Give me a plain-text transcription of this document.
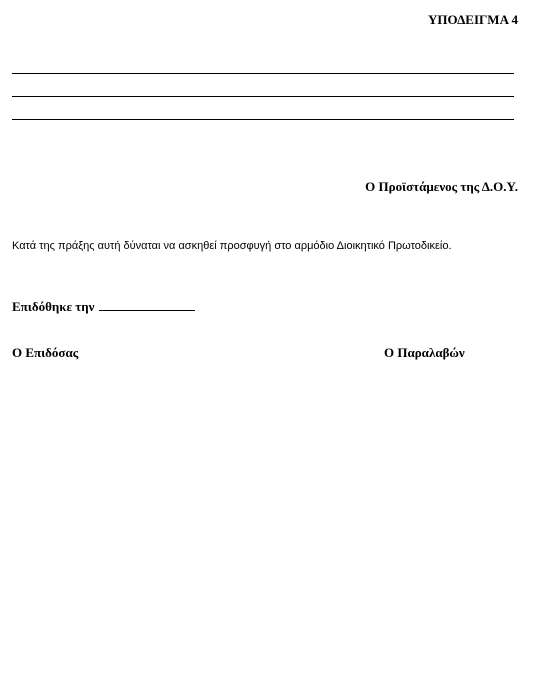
ΥΠΟΔΕΙΓΜΑ 4
Ο Προϊστάμενος της Δ.Ο.Υ.
Κατά της πράξης αυτή δύναται να ασκηθεί προσφυγή στο αρμόδιο Διοικητικό Πρωτοδικείο.
Επιδόθηκε την
Ο Επιδόσας	Ο Παραλαβών
